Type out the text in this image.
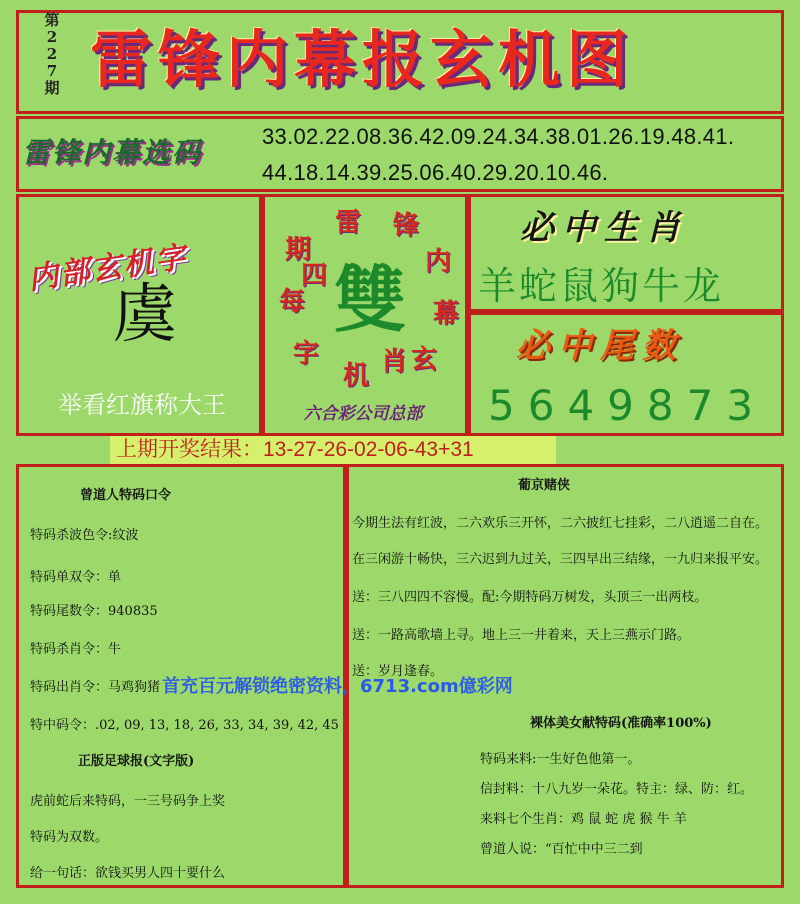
第
2
2
7
期 雷锋内幕报玄机图
雷锋内幕选码	33.02.22.08.36.42.09.24.34.38.01.26.19.48.41.
44.18.14.39.25.06.40.29.20.10.46.
内部玄机字
虞
举看红旗称大王
雷 锋
内
幕
玄
机
字
每
期
四
肖
雙
六合彩公司总部
必中生肖
羊蛇鼠狗牛龙
必中尾数
5649873
上期开奖结果：13-27-26-02-06-43+31
曾道人特码口令
特码杀波色令:纹波
特码单双令：单
特码尾数令：940835
特码杀肖令：牛
特码出肖令：马鸡狗猪
特中码令：.02, 09, 13, 18, 26, 33, 34, 39, 42, 45
正版足球报(文字版)
虎前蛇后来特码，一三号码争上奖
特码为双数。
给一句话：欲钱买男人四十要什么
葡京赌侠
今期生法有红波，二六欢乐三开怀，二六披红七挂彩，二八逍遥二自在。
在三闲游十畅快，三六迟到九过关，三四早出三结缘，一九归来报平安。
送：三八四四不容慢。配:今期特码万树发，头顶三一出两枝。
送：一路高歌墙上寻。地上三一井着来，天上三燕示门路。
送：岁月逢春。
裸体美女献特码(准确率100%)
特码来料:一生好色他第一。
信封料：十八九岁一朵花。特主：绿、防：红。
来料七个生肖：鸡 鼠 蛇 虎 猴 牛 羊
曾道人说：“百忙中中三二到
首充百元解锁绝密资料，6713.com億彩网
